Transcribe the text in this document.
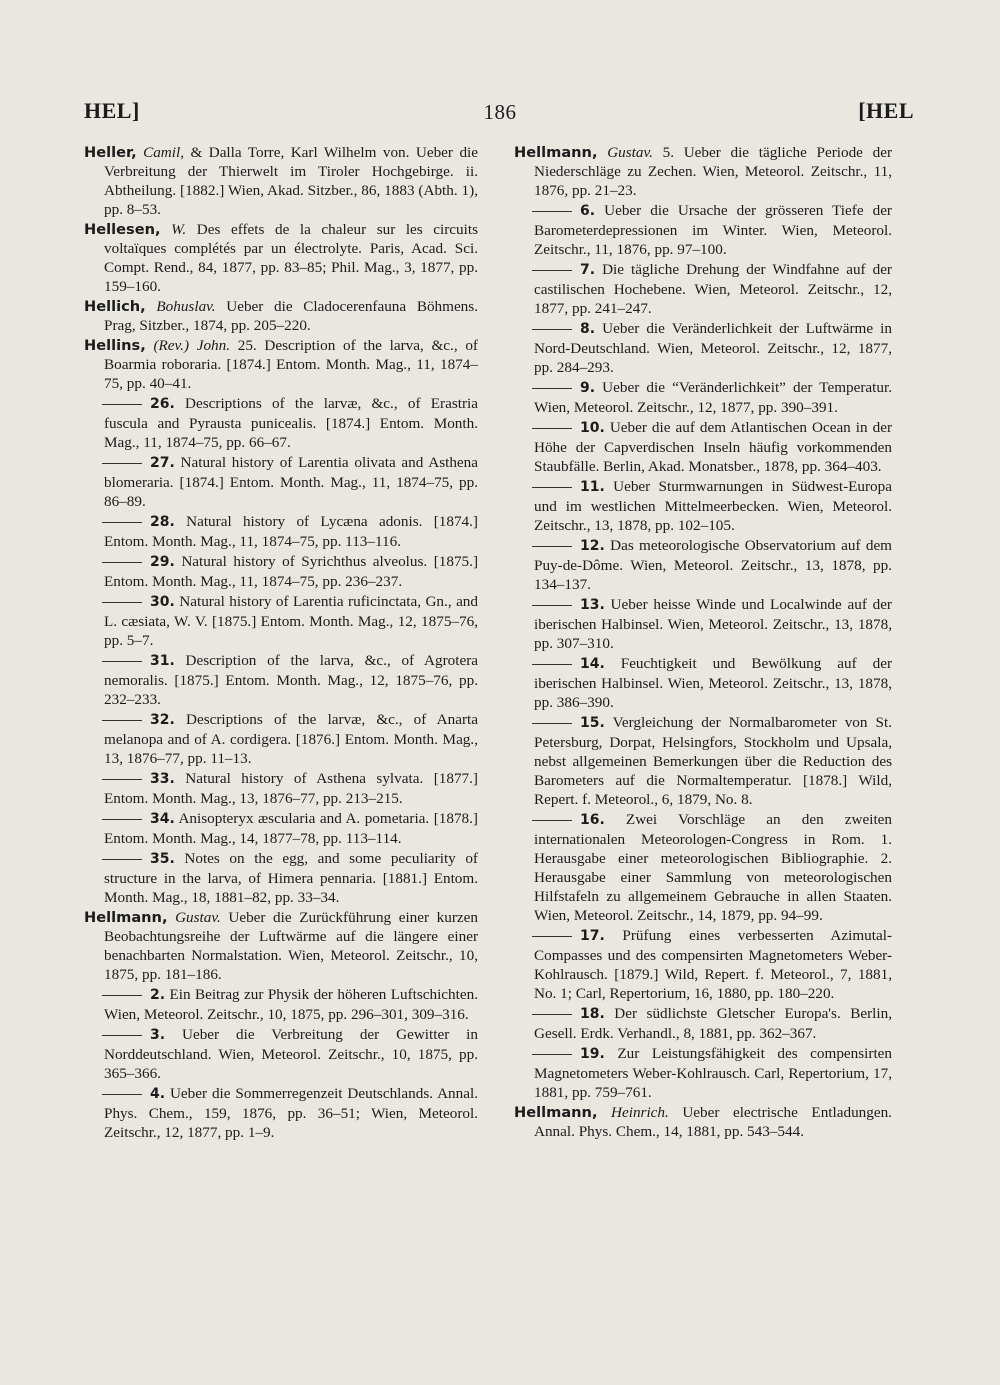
HEL]	186	[HEL
Heller, Camil, & Dalla Torre, Karl Wilhelm von. Ueber die Verbreitung der Thierwelt im Tiroler Hochgebirge. ii. Abtheilung. [1882.] Wien, Akad. Sitzber., 86, 1883 (Abth. 1), pp. 8–53.
Hellesen, W. Des effets de la chaleur sur les circuits voltaïques complétés par un électrolyte. Paris, Acad. Sci. Compt. Rend., 84, 1877, pp. 83–85; Phil. Mag., 3, 1877, pp. 159–160.
Hellich, Bohuslav. Ueber die Cladocerenfauna Böhmens. Prag, Sitzber., 1874, pp. 205–220.
Hellins, (Rev.) John. 25. Description of the larva, &c., of Boarmia roboraria. [1874.] Entom. Month. Mag., 11, 1874–75, pp. 40–41.
26. Descriptions of the larvæ, &c., of Erastria fuscula and Pyrausta punicealis. [1874.] Entom. Month. Mag., 11, 1874–75, pp. 66–67.
27. Natural history of Larentia olivata and Asthena blomeraria. [1874.] Entom. Month. Mag., 11, 1874–75, pp. 86–89.
28. Natural history of Lycæna adonis. [1874.] Entom. Month. Mag., 11, 1874–75, pp. 113–116.
29. Natural history of Syrichthus alveolus. [1875.] Entom. Month. Mag., 11, 1874–75, pp. 236–237.
30. Natural history of Larentia ruficinctata, Gn., and L. cæsiata, W. V. [1875.] Entom. Month. Mag., 12, 1875–76, pp. 5–7.
31. Description of the larva, &c., of Agrotera nemoralis. [1875.] Entom. Month. Mag., 12, 1875–76, pp. 232–233.
32. Descriptions of the larvæ, &c., of Anarta melanopa and of A. cordigera. [1876.] Entom. Month. Mag., 13, 1876–77, pp. 11–13.
33. Natural history of Asthena sylvata. [1877.] Entom. Month. Mag., 13, 1876–77, pp. 213–215.
34. Anisopteryx æscularia and A. pometaria. [1878.] Entom. Month. Mag., 14, 1877–78, pp. 113–114.
35. Notes on the egg, and some peculiarity of structure in the larva, of Himera pennaria. [1881.] Entom. Month. Mag., 18, 1881–82, pp. 33–34.
Hellmann, Gustav. Ueber die Zurückführung einer kurzen Beobachtungsreihe der Luftwärme auf die längere einer benachbarten Normalstation. Wien, Meteorol. Zeitschr., 10, 1875, pp. 181–186.
2. Ein Beitrag zur Physik der höheren Luftschichten. Wien, Meteorol. Zeitschr., 10, 1875, pp. 296–301, 309–316.
3. Ueber die Verbreitung der Gewitter in Norddeutschland. Wien, Meteorol. Zeitschr., 10, 1875, pp. 365–366.
4. Ueber die Sommerregenzeit Deutschlands. Annal. Phys. Chem., 159, 1876, pp. 36–51; Wien, Meteorol. Zeitschr., 12, 1877, pp. 1–9.
Hellmann, Gustav. 5. Ueber die tägliche Periode der Niederschläge zu Zechen. Wien, Meteorol. Zeitschr., 11, 1876, pp. 21–23.
6. Ueber die Ursache der grösseren Tiefe der Barometerdepressionen im Winter. Wien, Meteorol. Zeitschr., 11, 1876, pp. 97–100.
7. Die tägliche Drehung der Windfahne auf der castilischen Hochebene. Wien, Meteorol. Zeitschr., 12, 1877, pp. 241–247.
8. Ueber die Veränderlichkeit der Luftwärme in Nord-Deutschland. Wien, Meteorol. Zeitschr., 12, 1877, pp. 284–293.
9. Ueber die “Veränderlichkeit” der Temperatur. Wien, Meteorol. Zeitschr., 12, 1877, pp. 390–391.
10. Ueber die auf dem Atlantischen Ocean in der Höhe der Capverdischen Inseln häufig vorkommenden Staubfälle. Berlin, Akad. Monatsber., 1878, pp. 364–403.
11. Ueber Sturmwarnungen in Südwest-Europa und im westlichen Mittelmeerbecken. Wien, Meteorol. Zeitschr., 13, 1878, pp. 102–105.
12. Das meteorologische Observatorium auf dem Puy-de-Dôme. Wien, Meteorol. Zeitschr., 13, 1878, pp. 134–137.
13. Ueber heisse Winde und Localwinde auf der iberischen Halbinsel. Wien, Meteorol. Zeitschr., 13, 1878, pp. 307–310.
14. Feuchtigkeit und Bewölkung auf der iberischen Halbinsel. Wien, Meteorol. Zeitschr., 13, 1878, pp. 386–390.
15. Vergleichung der Normalbarometer von St. Petersburg, Dorpat, Helsingfors, Stockholm und Upsala, nebst allgemeinen Bemerkungen über die Reduction des Barometers auf die Normaltemperatur. [1878.] Wild, Repert. f. Meteorol., 6, 1879, No. 8.
16. Zwei Vorschläge an den zweiten internationalen Meteorologen-Congress in Rom. 1. Herausgabe einer meteorologischen Bibliographie. 2. Herausgabe einer Sammlung von meteorologischen Hilfstafeln zu allgemeinem Gebrauche in allen Staaten. Wien, Meteorol. Zeitschr., 14, 1879, pp. 94–99.
17. Prüfung eines verbesserten Azimutal-Compasses und des compensirten Magnetometers Weber-Kohlrausch. [1879.] Wild, Repert. f. Meteorol., 7, 1881, No. 1; Carl, Repertorium, 16, 1880, pp. 180–220.
18. Der südlichste Gletscher Europa's. Berlin, Gesell. Erdk. Verhandl., 8, 1881, pp. 362–367.
19. Zur Leistungsfähigkeit des compensirten Magnetometers Weber-Kohlrausch. Carl, Repertorium, 17, 1881, pp. 759–761.
Hellmann, Heinrich. Ueber electrische Entladungen. Annal. Phys. Chem., 14, 1881, pp. 543–544.
